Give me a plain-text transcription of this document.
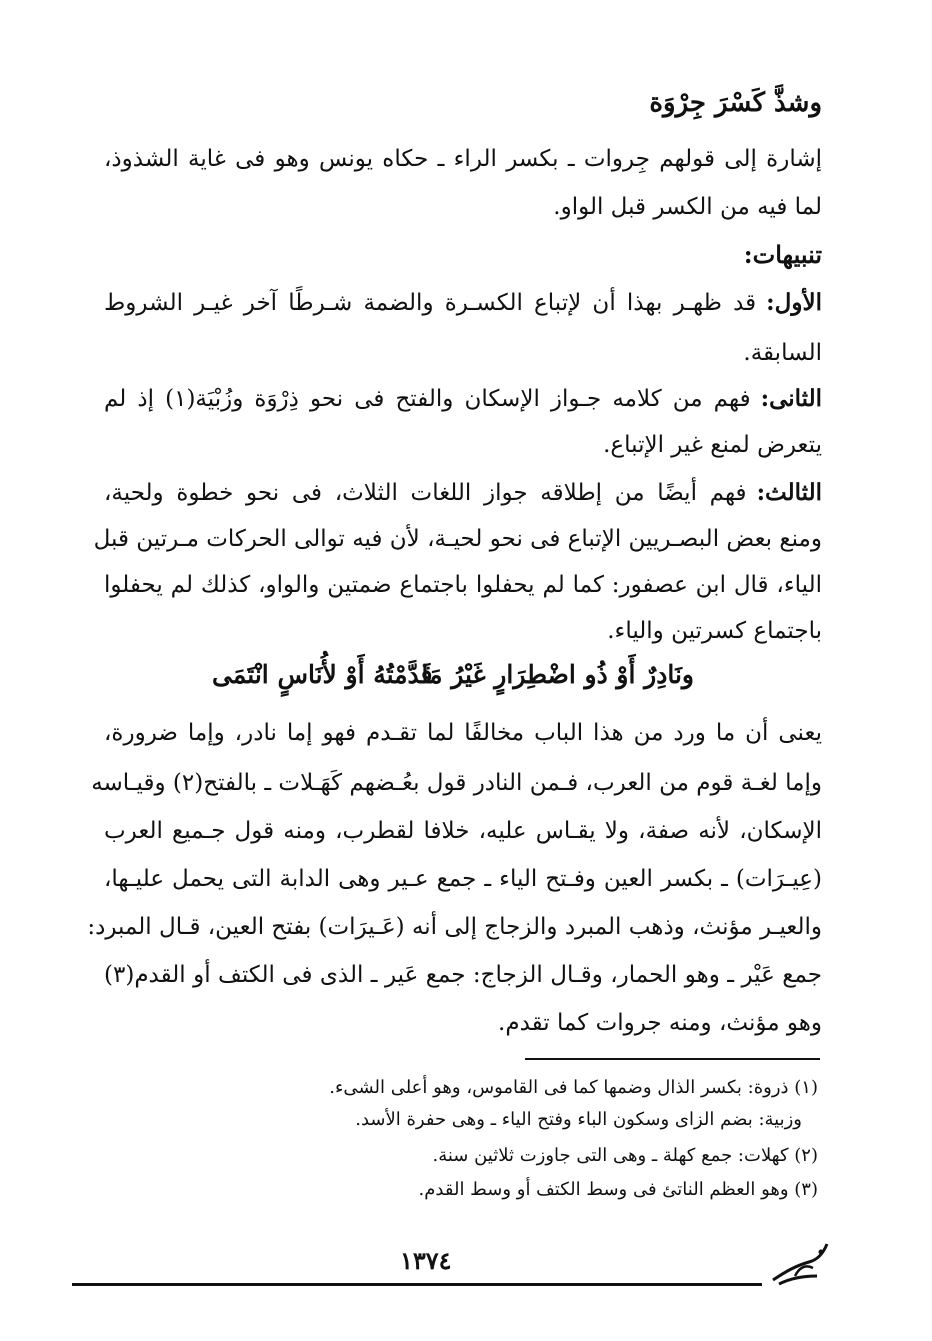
وشذَّ كَسْرَ جِرْوَة
إشارة إلى قولهم جِروات ـ بكسر الراء ـ حكاه يونس وهو فى غاية الشذوذ،
لما فيه من الكسر قبل الواو.
تنبيهات:
الأول:
قد ظهـر بهذا أن لإتباع الكسـرة والضمة شـرطًا آخر غيـر الشروط
السابقة.
الثانى:
فهم من كلامه جـواز الإسكان والفتح فى نحو ذِرْوَة وزُبْيَة(١) إذ لم
يتعرض لمنع غير الإتباع.
الثالث:
فهم أيضًا من إطلاقه جواز اللغات الثلاث، فى نحو خطوة ولحية،
ومنع بعض البصـريين الإتباع فى نحو لحيـة، لأن فيه توالى الحركات مـرتين قبل
الياء، قال ابن عصفور: كما لم يحفلوا باجتماع ضمتين والواو، كذلك لم يحفلوا
باجتماع كسرتين والياء.
ونَادِرٌ أَوْ ذُو اضْطِرَارٍ غَيْرُ مَا
قَدَّمْتُهُ أَوْ لأُنَاسٍ انْتَمَى
يعنى أن ما ورد من هذا الباب مخالفًا لما تقـدم فهو إما نادر، وإما ضرورة،
وإما لغـة قوم من العرب، فـمن النادر قول بعُـضهم كَهَـلات ـ بالفتح(٢) وقيـاسه
الإسكان، لأنه صفة، ولا يقـاس عليه، خلافا لقطرب، ومنه قول جـميع العرب
(عِيـرَات) ـ بكسر العين وفـتح الياء ـ جمع عـير وهى الدابة التى يحمل عليـها،
والعيـر مؤنث، وذهب المبرد والزجاج إلى أنه (عَـيرَات) بفتح العين، قـال المبرد:
جمع عَيْر ـ وهو الحمار، وقـال الزجاج: جمع عَير ـ الذى فى الكتف أو القدم(٣)
وهو مؤنث، ومنه جروات كما تقدم.
(١) ذروة: بكسر الذال وضمها كما فى القاموس، وهو أعلى الشىء.
وزبية: بضم الزاى وسكون الباء وفتح الياء ـ وهى حفرة الأسد.
(٢) كهلات: جمع كهلة ـ وهى التى جاوزت ثلاثين سنة.
(٣) وهو العظم الناتئ فى وسط الكتف أو وسط القدم.
١٣٧٤
